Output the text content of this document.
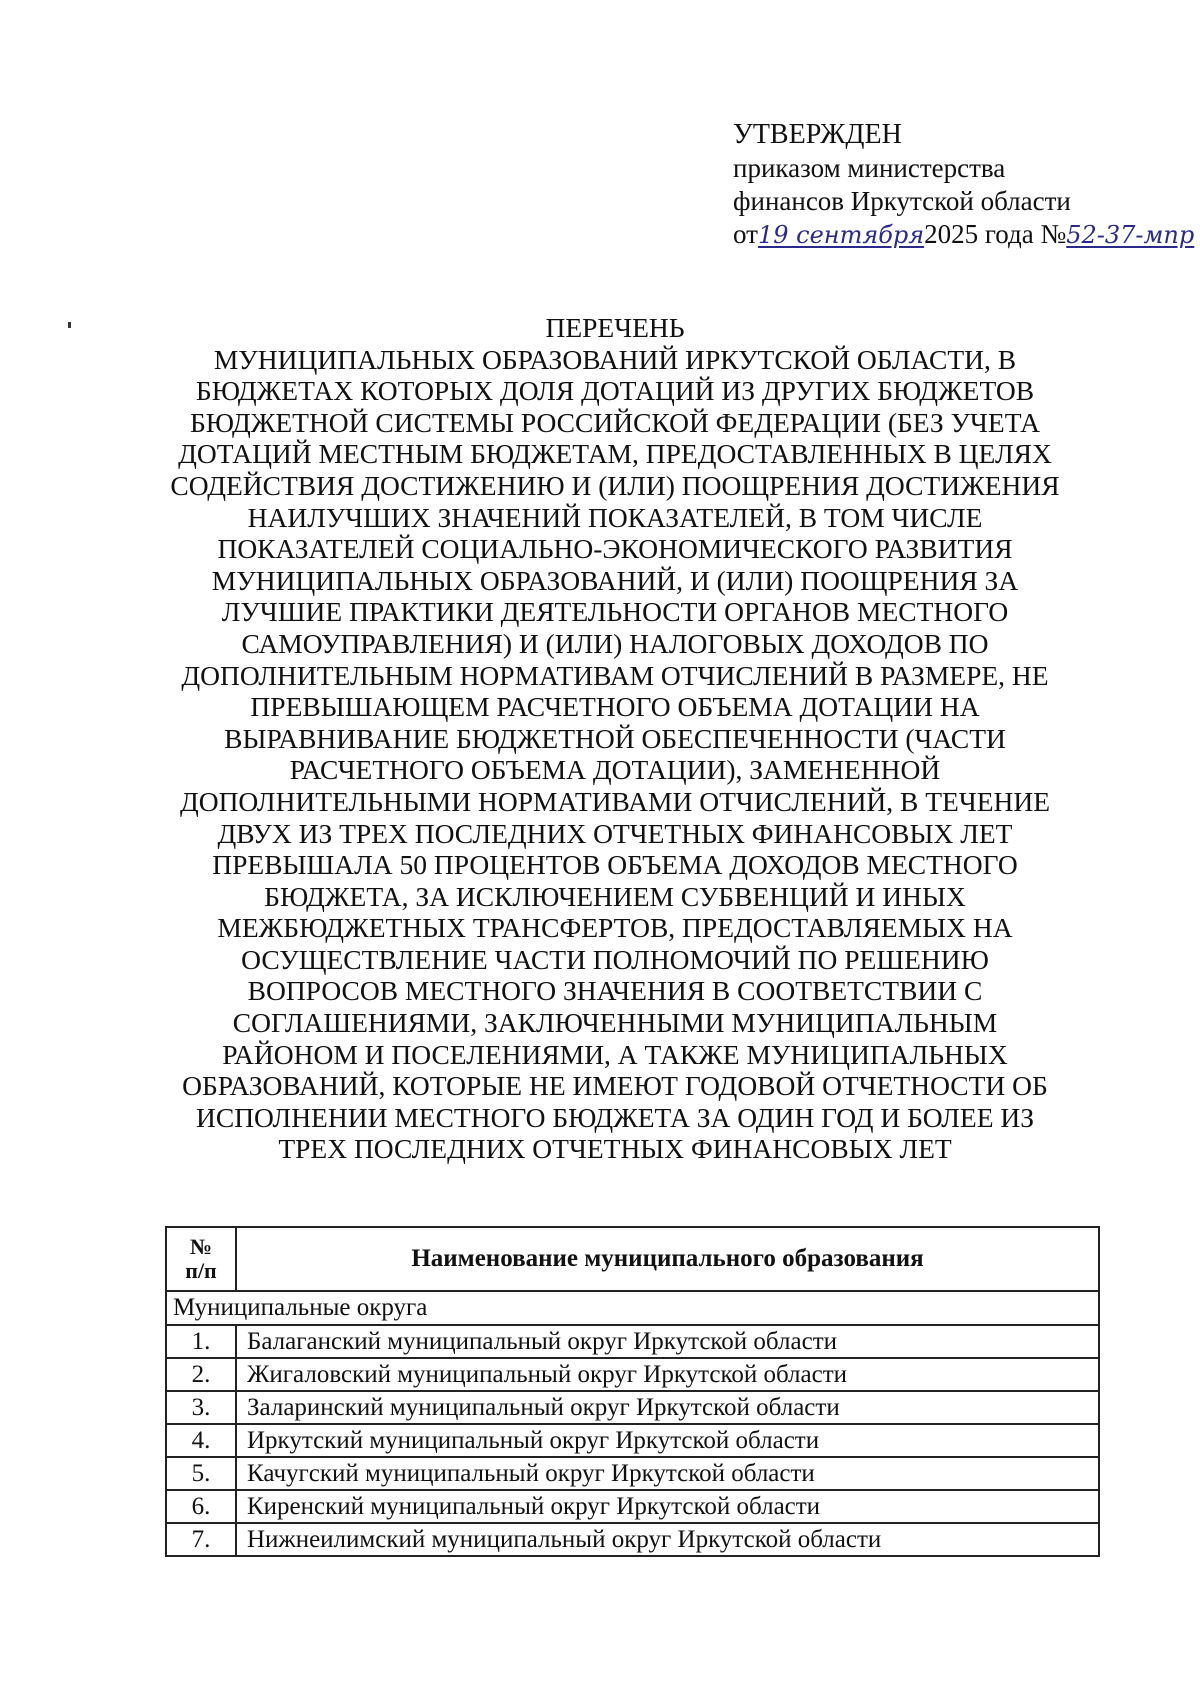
УТВЕРЖДЕН
приказом министерства
финансов Иркутской области
от19 сентября2025 года №52-37-мпр
ПЕРЕЧЕНЬ
МУНИЦИПАЛЬНЫХ ОБРАЗОВАНИЙ ИРКУТСКОЙ ОБЛАСТИ, В
БЮДЖЕТАХ КОТОРЫХ ДОЛЯ ДОТАЦИЙ ИЗ ДРУГИХ БЮДЖЕТОВ
БЮДЖЕТНОЙ СИСТЕМЫ РОССИЙСКОЙ ФЕДЕРАЦИИ (БЕЗ УЧЕТА
ДОТАЦИЙ МЕСТНЫМ БЮДЖЕТАМ, ПРЕДОСТАВЛЕННЫХ В ЦЕЛЯХ
СОДЕЙСТВИЯ ДОСТИЖЕНИЮ И (ИЛИ) ПООЩРЕНИЯ ДОСТИЖЕНИЯ
НАИЛУЧШИХ ЗНАЧЕНИЙ ПОКАЗАТЕЛЕЙ, В ТОМ ЧИСЛЕ
ПОКАЗАТЕЛЕЙ СОЦИАЛЬНО-ЭКОНОМИЧЕСКОГО РАЗВИТИЯ
МУНИЦИПАЛЬНЫХ ОБРАЗОВАНИЙ, И (ИЛИ) ПООЩРЕНИЯ ЗА
ЛУЧШИЕ ПРАКТИКИ ДЕЯТЕЛЬНОСТИ ОРГАНОВ МЕСТНОГО
САМОУПРАВЛЕНИЯ) И (ИЛИ) НАЛОГОВЫХ ДОХОДОВ ПО
ДОПОЛНИТЕЛЬНЫМ НОРМАТИВАМ ОТЧИСЛЕНИЙ В РАЗМЕРЕ, НЕ
ПРЕВЫШАЮЩЕМ РАСЧЕТНОГО ОБЪЕМА ДОТАЦИИ НА
ВЫРАВНИВАНИЕ БЮДЖЕТНОЙ ОБЕСПЕЧЕННОСТИ (ЧАСТИ
РАСЧЕТНОГО ОБЪЕМА ДОТАЦИИ), ЗАМЕНЕННОЙ
ДОПОЛНИТЕЛЬНЫМИ НОРМАТИВАМИ ОТЧИСЛЕНИЙ, В ТЕЧЕНИЕ
ДВУХ ИЗ ТРЕХ ПОСЛЕДНИХ ОТЧЕТНЫХ ФИНАНСОВЫХ ЛЕТ
ПРЕВЫШАЛА 50 ПРОЦЕНТОВ ОБЪЕМА ДОХОДОВ МЕСТНОГО
БЮДЖЕТА, ЗА ИСКЛЮЧЕНИЕМ СУБВЕНЦИЙ И ИНЫХ
МЕЖБЮДЖЕТНЫХ ТРАНСФЕРТОВ, ПРЕДОСТАВЛЯЕМЫХ НА
ОСУЩЕСТВЛЕНИЕ ЧАСТИ ПОЛНОМОЧИЙ ПО РЕШЕНИЮ
ВОПРОСОВ МЕСТНОГО ЗНАЧЕНИЯ В СООТВЕТСТВИИ С
СОГЛАШЕНИЯМИ, ЗАКЛЮЧЕННЫМИ МУНИЦИПАЛЬНЫМ
РАЙОНОМ И ПОСЕЛЕНИЯМИ, А ТАКЖЕ МУНИЦИПАЛЬНЫХ
ОБРАЗОВАНИЙ, КОТОРЫЕ НЕ ИМЕЮТ ГОДОВОЙ ОТЧЕТНОСТИ ОБ
ИСПОЛНЕНИИ МЕСТНОГО БЮДЖЕТА ЗА ОДИН ГОД И БОЛЕЕ ИЗ
ТРЕХ ПОСЛЕДНИХ ОТЧЕТНЫХ ФИНАНСОВЫХ ЛЕТ
№
п/п	Наименование муниципального образования
Муниципальные округа	
1.	Балаганский муниципальный округ Иркутской области
2.	Жигаловский муниципальный округ Иркутской области
3.	Заларинский муниципальный округ Иркутской области
4.	Иркутский муниципальный округ Иркутской области
5.	Качугский муниципальный округ Иркутской области
6.	Киренский муниципальный округ Иркутской области
7.	Нижнеилимский муниципальный округ Иркутской области
